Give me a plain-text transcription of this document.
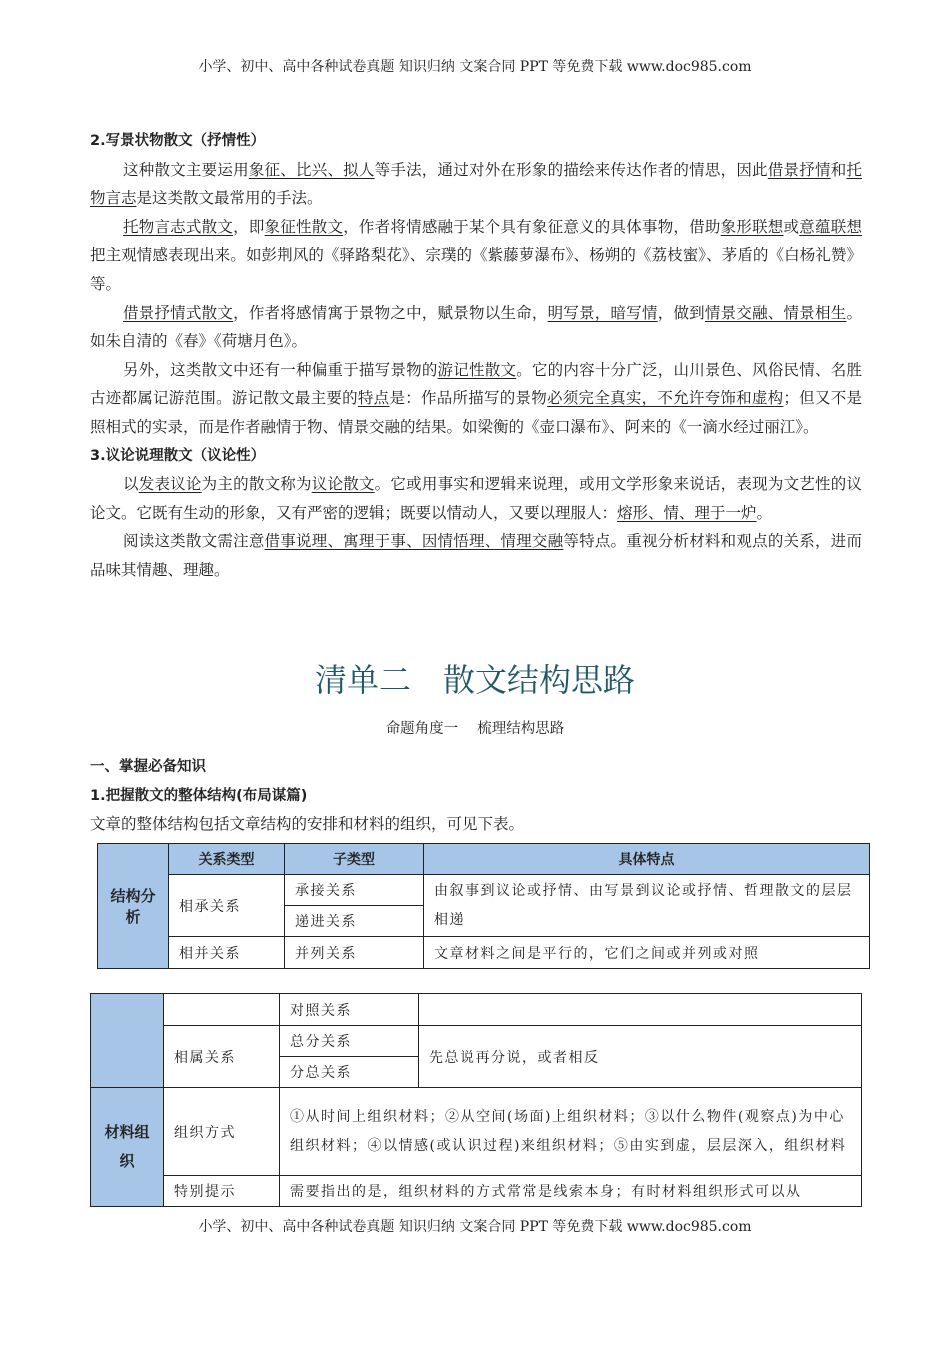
小学、初中、高中各种试卷真题 知识归纳 文案合同 PPT 等免费下载 www.doc985.com
2.写景状物散文（抒情性）

这种散文主要运用象征、比兴、拟人等手法，通过对外在形象的描绘来传达作者的情思，因此借景抒情和托物言志是这类散文最常用的手法。

托物言志式散文，即象征性散文，作者将情感融于某个具有象征意义的具体事物，借助象形联想或意蕴联想把主观情感表现出来。如彭荆风的《驿路梨花》、宗璞的《紫藤萝瀑布》、杨朔的《荔枝蜜》、茅盾的《白杨礼赞》等。

借景抒情式散文，作者将感情寓于景物之中，赋景物以生命，明写景，暗写情，做到情景交融、情景相生。如朱自清的《春》《荷塘月色》。

另外，这类散文中还有一种偏重于描写景物的游记性散文。它的内容十分广泛，山川景色、风俗民情、名胜古迹都属记游范围。游记散文最主要的特点是：作品所描写的景物必须完全真实，不允许夸饰和虚构；但又不是照相式的实录，而是作者融情于物、情景交融的结果。如梁衡的《壶口瀑布》、阿来的《一滴水经过丽江》。

3.议论说理散文（议论性）

以发表议论为主的散文称为议论散文。它或用事实和逻辑来说理，或用文学形象来说话，表现为文艺性的议论文。它既有生动的形象，又有严密的逻辑；既要以情动人，又要以理服人：熔形、情、理于一炉。

阅读这类散文需注意借事说理、寓理于事、因情悟理、情理交融等特点。重视分析材料和观点的关系，进而品味其情趣、理趣。

清单二　散文结构思路
命题角度一　 梳理结构思路
一、掌握必备知识
1.把握散文的整体结构(布局谋篇)
文章的整体结构包括文章结构的安排和材料的组织，可见下表。
结构分析	关系类型	子类型	具体特点
	相承关系	承接关系	由叙事到议论或抒情、由写景到议论或抒情、哲理散文的层层相递
		递进关系	
	相并关系	并列关系	文章材料之间是平行的，它们之间或并列或对照
		对照关系	
	相属关系	总分关系	先总说再分说，或者相反
		分总关系	
材料组织	组织方式	①从时间上组织材料；②从空间(场面)上组织材料；③以什么物件(观察点)为中心组织材料；④以情感(或认识过程)来组织材料；⑤由实到虚，层层深入，组织材料	
	特别提示	需要指出的是，组织材料的方式常常是线索本身；有时材料组织形式可以从	
小学、初中、高中各种试卷真题 知识归纳 文案合同 PPT 等免费下载 www.doc985.com
